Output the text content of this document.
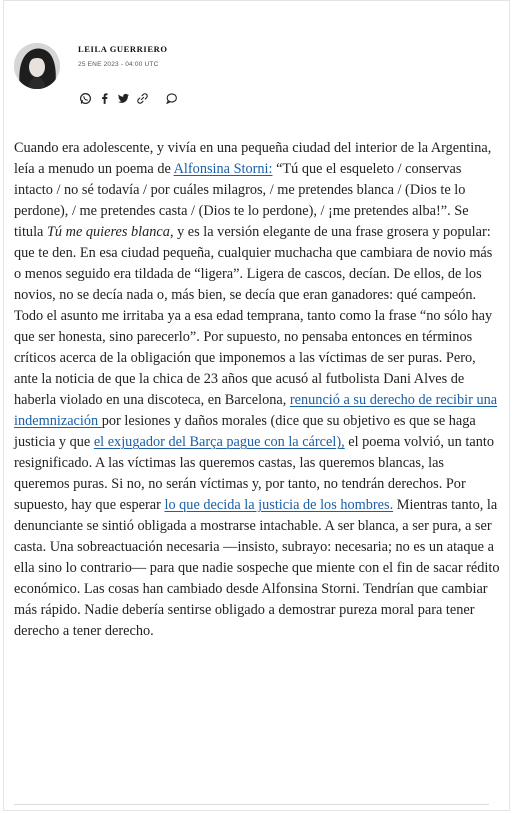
LEILA GUERRIERO
25 ENE 2023 - 04:00 UTC
Cuando era adolescente, y vivía en una pequeña ciudad del interior de la Argentina, leía a menudo un poema de Alfonsina Storni: “Tú que el esqueleto / conservas intacto / no sé todavía / por cuáles milagros, / me pretendes blanca / (Dios te lo perdone), / me pretendes casta / (Dios te lo perdone), / ¡me pretendes alba!”. Se titula Tú me quieres blanca, y es la versión elegante de una frase grosera y popular: que te den. En esa ciudad pequeña, cualquier muchacha que cambiara de novio más o menos seguido era tildada de “ligera”. Ligera de cascos, decían. De ellos, de los novios, no se decía nada o, más bien, se decía que eran ganadores: qué campeón. Todo el asunto me irritaba ya a esa edad temprana, tanto como la frase “no sólo hay que ser honesta, sino parecerlo”. Por supuesto, no pensaba entonces en términos críticos acerca de la obligación que imponemos a las víctimas de ser puras. Pero, ante la noticia de que la chica de 23 años que acusó al futbolista Dani Alves de haberla violado en una discoteca, en Barcelona, renunció a su derecho de recibir una indemnización por lesiones y daños morales (dice que su objetivo es que se haga justicia y que el exjugador del Barça pague con la cárcel), el poema volvió, un tanto resignificado. A las víctimas las queremos castas, las queremos blancas, las queremos puras. Si no, no serán víctimas y, por tanto, no tendrán derechos. Por supuesto, hay que esperar lo que decida la justicia de los hombres. Mientras tanto, la denunciante se sintió obligada a mostrarse intachable. A ser blanca, a ser pura, a ser casta. Una sobreactuación necesaria —insisto, subrayo: necesaria; no es un ataque a ella sino lo contrario— para que nadie sospeche que miente con el fin de sacar rédito económico. Las cosas han cambiado desde Alfonsina Storni. Tendrían que cambiar más rápido. Nadie debería sentirse obligado a demostrar pureza moral para tener derecho a tener derecho.
